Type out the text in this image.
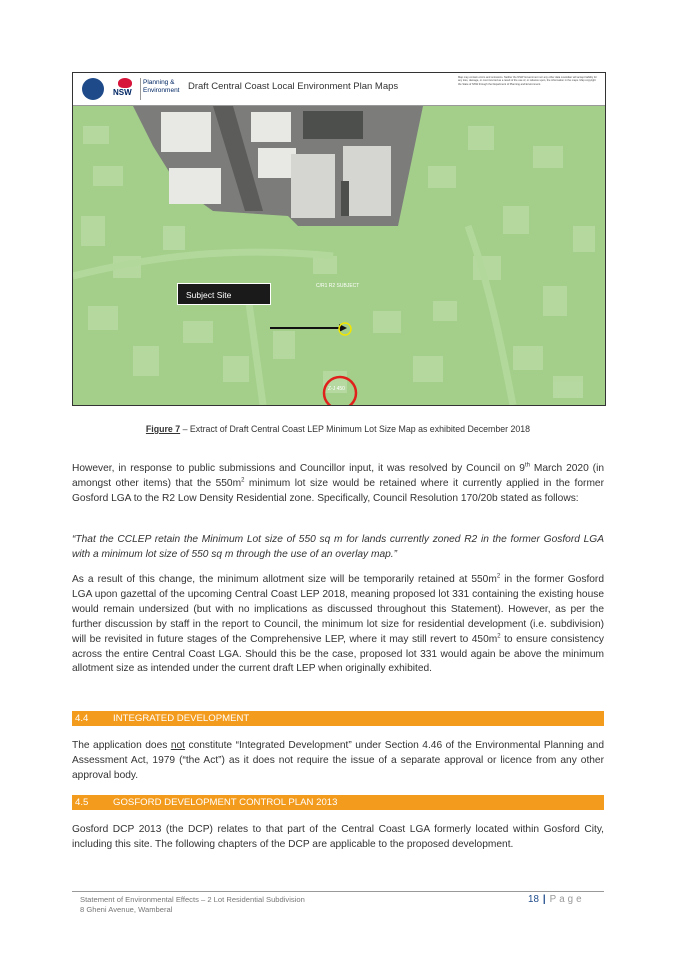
NSW
Planning &
Environment Draft Central Coast Local Environment Plan Maps
Map may contain errors and omissions. Neither the NSW Government nor any other data custodian will accept liability for any loss, damage, or cost incurred as a result of the use of, or reliance upon, the information in the maps. Map copyright the State of NSW through the Department of Planning and Environment.
Subject Site
C/R1 R2 SUBJECT
Z-J 450
Figure 7 – Extract of Draft Central Coast LEP Minimum Lot Size Map as exhibited December 2018

However, in response to public submissions and Councillor input, it was resolved by Council on 9th March 2020 (in amongst other items) that the $550m^2$ minimum lot size would be retained where it currently applied in the former Gosford LGA to the R2 Low Density Residential zone. Specifically, Council Resolution 170/20b stated as follows:

“That the CCLEP retain the Minimum Lot size of 550 sq m for lands currently zoned R2 in the former Gosford LGA with a minimum lot size of 550 sq m through the use of an overlay map.”

As a result of this change, the minimum allotment size will be temporarily retained at $550m^2$ in the former Gosford LGA upon gazettal of the upcoming Central Coast LEP 2018, meaning proposed lot 331 containing the existing house would remain undersized (but with no implications as discussed throughout this Statement). However, as per the further discussion by staff in the report to Council, the minimum lot size for residential development (i.e. subdivision) will be revisited in future stages of the Comprehensive LEP, where it may still revert to $450m^2$ to ensure consistency across the entire Central Coast LGA. Should this be the case, proposed lot 331 would again be above the minimum allotment size as intended under the current draft LEP when originally exhibited.

4.4	INTEGRATED DEVELOPMENT

The application does not constitute “Integrated Development” under Section 4.46 of the Environmental Planning and Assessment Act, 1979 (“the Act”) as it does not require the issue of a separate approval or licence from any other approval body.

4.5	GOSFORD DEVELOPMENT CONTROL PLAN 2013

Gosford DCP 2013 (the DCP) relates to that part of the Central Coast LGA formerly located within Gosford City, including this site. The following chapters of the DCP are applicable to the proposed development.

Statement of Environmental Effects – 2 Lot Residential Subdivision
8 Gheni Avenue, Wamberal
18 | Page
